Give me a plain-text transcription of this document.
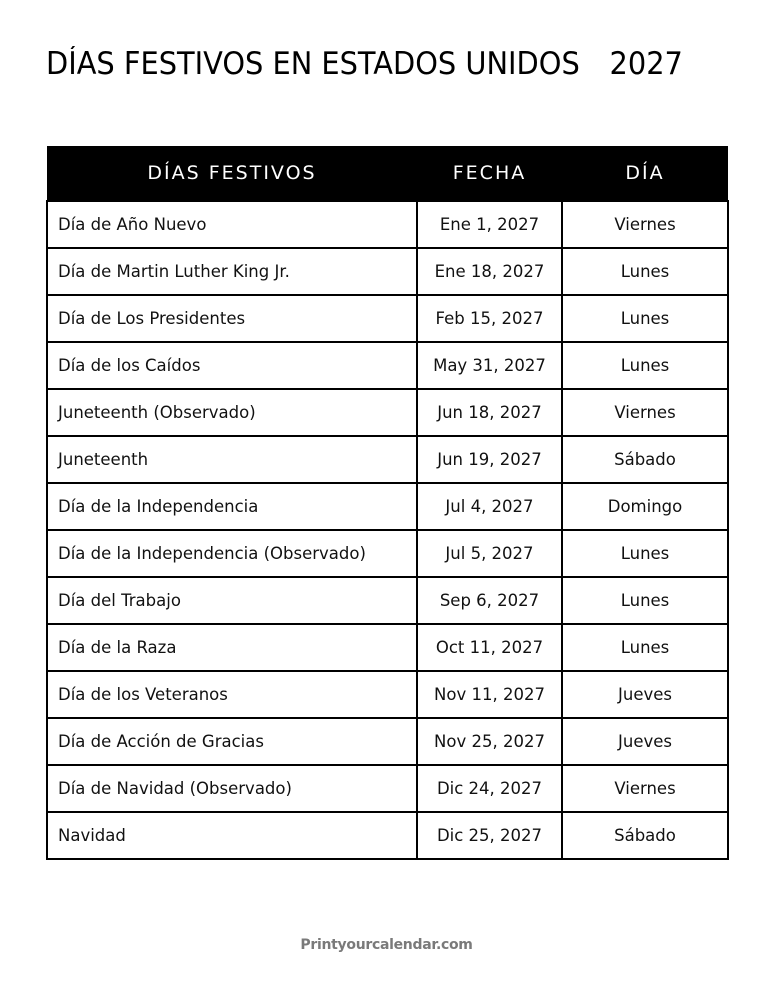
DÍAS FESTIVOS EN ESTADOS UNIDOS 2027
DÍAS FESTIVOS	FECHA	DÍA
Día de Año Nuevo	Ene 1, 2027	Viernes
Día de Martin Luther King Jr.	Ene 18, 2027	Lunes
Día de Los Presidentes	Feb 15, 2027	Lunes
Día de los Caídos	May 31, 2027	Lunes
Juneteenth (Observado)	Jun 18, 2027	Viernes
Juneteenth	Jun 19, 2027	Sábado
Día de la Independencia	Jul 4, 2027	Domingo
Día de la Independencia (Observado)	Jul 5, 2027	Lunes
Día del Trabajo	Sep 6, 2027	Lunes
Día de la Raza	Oct 11, 2027	Lunes
Día de los Veteranos	Nov 11, 2027	Jueves
Día de Acción de Gracias	Nov 25, 2027	Jueves
Día de Navidad (Observado)	Dic 24, 2027	Viernes
Navidad	Dic 25, 2027	Sábado
Printyourcalendar.com
